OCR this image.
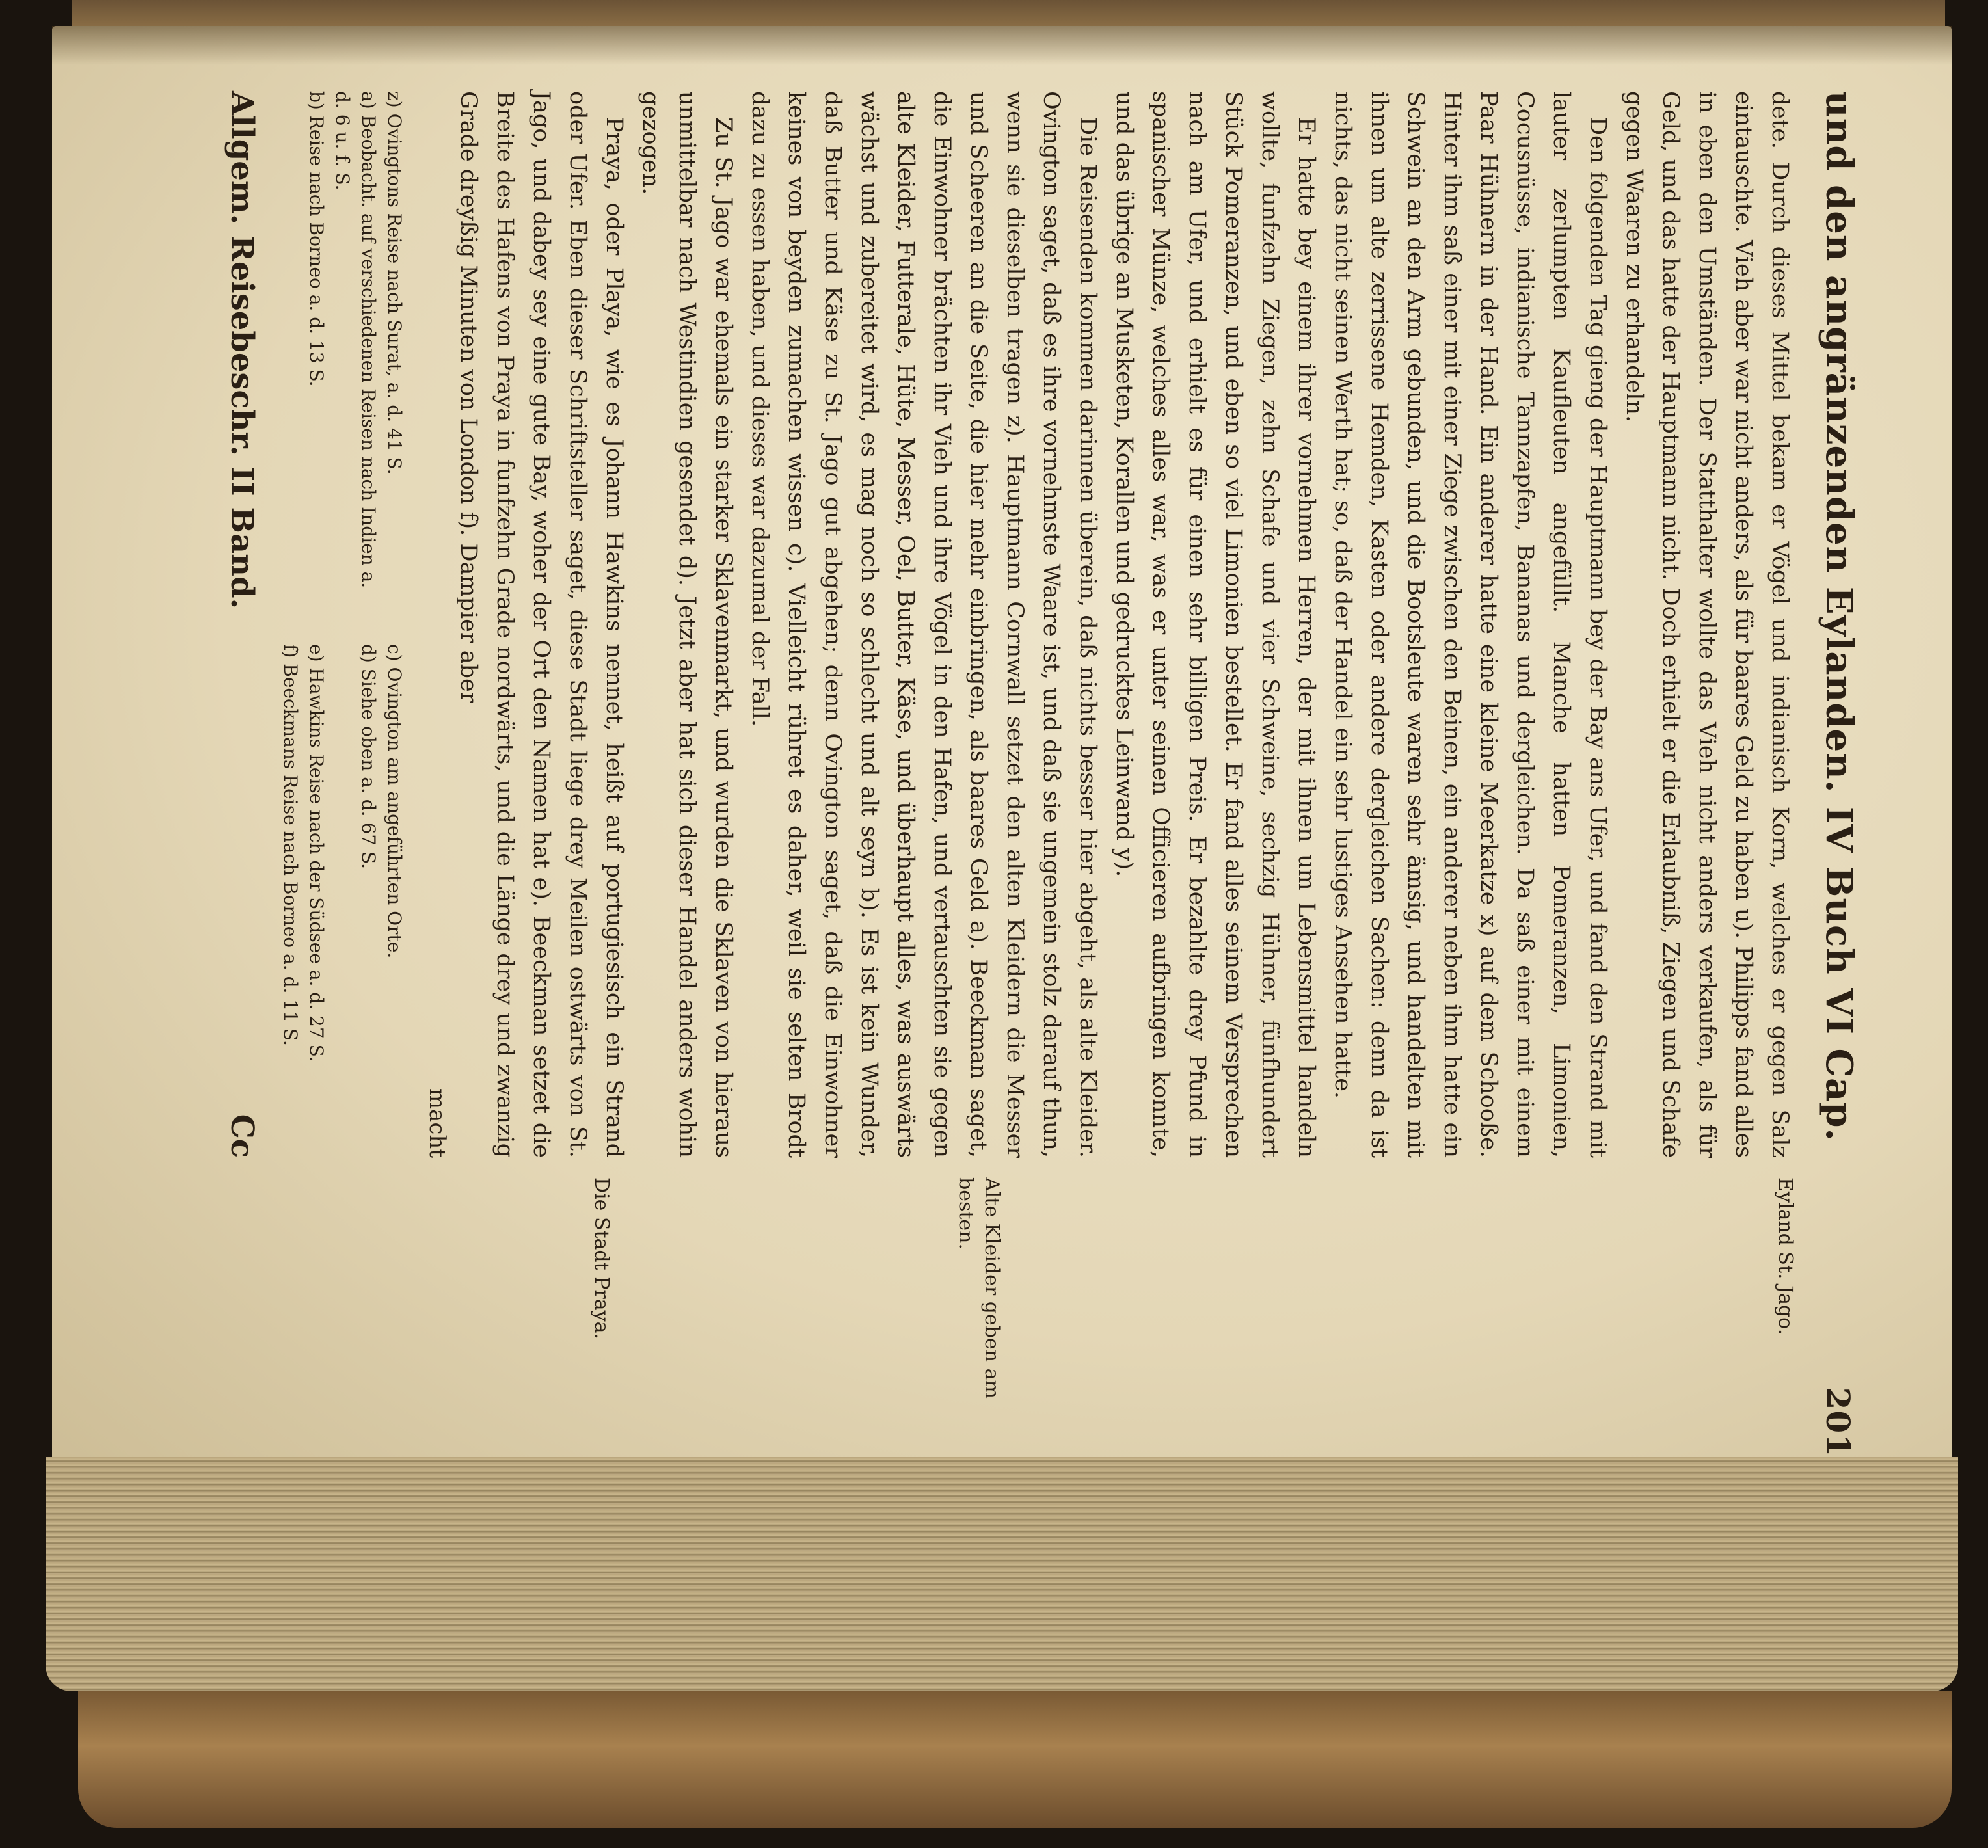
und den angränzenden Eylanden. IV Buch VI Cap.
201

dete. Durch dieses Mittel bekam er Vögel und indianisch Korn, welches er gegen Salz eintauschte. Vieh aber war nicht anders, als für baares Geld zu haben u). Philipps fand alles in eben den Umständen. Der Statthalter wollte das Vieh nicht anders verkaufen, als für Geld, und das hatte der Hauptmann nicht. Doch erhielt er die Erlaubniß, Ziegen und Schafe gegen Waaren zu erhandeln.

Den folgenden Tag gieng der Hauptmann bey der Bay ans Ufer, und fand den Strand mit lauter zerlumpten Kaufleuten angefüllt. Manche hatten Pomeranzen, Limonien, Cocusnüsse, indianische Tannzapfen, Bananas und dergleichen. Da saß einer mit einem Paar Hühnern in der Hand. Ein anderer hatte eine kleine Meerkatze x) auf dem Schooße. Hinter ihm saß einer mit einer Ziege zwischen den Beinen, ein anderer neben ihm hatte ein Schwein an den Arm gebunden, und die Bootsleute waren sehr ämsig, und handelten mit ihnen um alte zerrissene Hemden, Kasten oder andere dergleichen Sachen: denn da ist nichts, das nicht seinen Werth hat; so, daß der Handel ein sehr lustiges Ansehen hatte.

Er hatte bey einem ihrer vornehmen Herren, der mit ihnen um Lebensmittel handeln wollte, funfzehn Ziegen, zehn Schafe und vier Schweine, sechzig Hühner, fünfhundert Stück Pomeranzen, und eben so viel Limonien bestellet. Er fand alles seinem Versprechen nach am Ufer, und erhielt es für einen sehr billigen Preis. Er bezahlte drey Pfund in spanischer Münze, welches alles war, was er unter seinen Officieren aufbringen konnte, und das übrige an Musketen, Korallen und gedrucktes Leinwand y).

Die Reisenden kommen darinnen überein, daß nichts besser hier abgeht, als alte Kleider. Ovington saget, daß es ihre vornehmste Waare ist, und daß sie ungemein stolz darauf thun, wenn sie dieselben tragen z). Hauptmann Cornwall setzet den alten Kleidern die Messer und Scheeren an die Seite, die hier mehr einbringen, als baares Geld a). Beeckman saget, die Einwohner brächten ihr Vieh und ihre Vögel in den Hafen, und vertauschten sie gegen alte Kleider, Futterale, Hüte, Messer, Oel, Butter, Käse, und überhaupt alles, was auswärts wächst und zubereitet wird, es mag noch so schlecht und alt seyn b). Es ist kein Wunder, daß Butter und Käse zu St. Jago gut abgehen; denn Ovington saget, daß die Einwohner keines von beyden zumachen wissen c). Vielleicht rühret es daher, weil sie selten Brodt dazu zu essen haben, und dieses war dazumal der Fall.

Zu St. Jago war ehemals ein starker Sklavenmarkt, und wurden die Sklaven von hieraus unmittelbar nach Westindien gesendet d). Jetzt aber hat sich dieser Handel anders wohin gezogen.

Praya, oder Playa, wie es Johann Hawkins nennet, heißt auf portugiesisch ein Strand oder Ufer. Eben dieser Schriftsteller saget, diese Stadt liege drey Meilen ostwärts von St. Jago, und dabey sey eine gute Bay, woher der Ort den Namen hat e). Beeckman setzet die Breite des Hafens von Praya in funfzehn Grade nordwärts, und die Länge drey und zwanzig Grade dreyßig Minuten von London f). Dampier aber

macht
z) Ovingtons Reise nach Surat, a. d. 41 S.
c) Ovington am angeführten Orte.
a) Beobacht. auf verschiedenen Reisen nach Indien a. d. 6 u. f. S.
d) Siehe oben a. d. 67 S.
b) Reise nach Borneo a. d. 13 S.
e) Hawkins Reise nach der Südsee a. d. 27 S.
f) Beeckmans Reise nach Borneo a. d. 11 S.
Allgem. Reisebeschr. II Band.
Cc
Eyland St. Jago.
Alte Kleider geben am besten.
Die Stadt Praya.
